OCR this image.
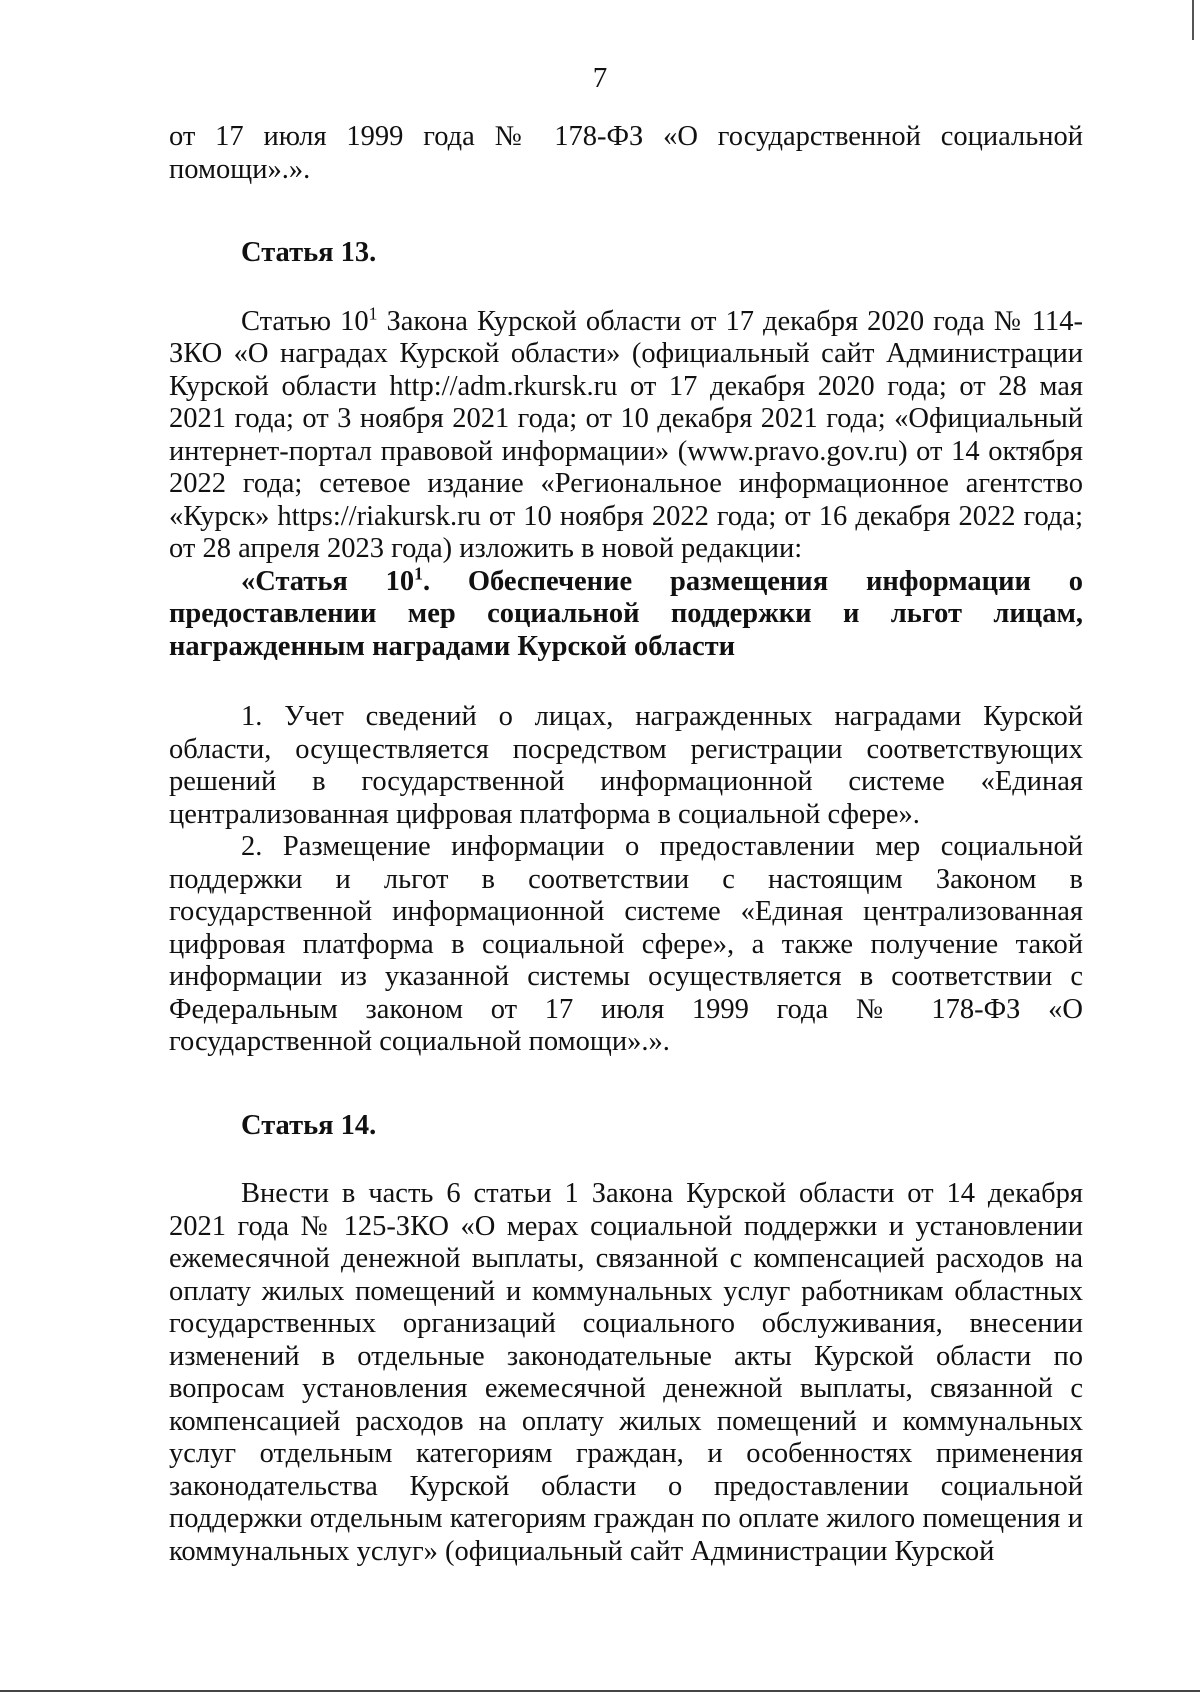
7

от 17 июля 1999 года № 178-ФЗ «О государственной социальной помощи».».

Статья 13.

Статью $10^1$ Закона Курской области от 17 декабря 2020 года № 114-ЗКО «О наградах Курской области» (официальный сайт Администрации Курской области http://adm.rkursk.ru от 17 декабря 2020 года; от 28 мая 2021 года; от 3 ноября 2021 года; от 10 декабря 2021 года; «Официальный интернет-портал правовой информации» (www.pravo.gov.ru) от 14 октября 2022 года; сетевое издание «Региональное информационное агентство «Курск» https://riakursk.ru от 10 ноября 2022 года; от 16 декабря 2022 года; от 28 апреля 2023 года) изложить в новой редакции:

«Статья $10^1$. Обеспечение размещения информации о предоставлении мер социальной поддержки и льгот лицам, награжденным наградами Курской области

1. Учет сведений о лицах, награжденных наградами Курской области, осуществляется посредством регистрации соответствующих решений в государственной информационной системе «Единая централизованная цифровая платформа в социальной сфере».

2. Размещение информации о предоставлении мер социальной поддержки и льгот в соответствии с настоящим Законом в государственной информационной системе «Единая централизованная цифровая платформа в социальной сфере», а также получение такой информации из указанной системы осуществляется в соответствии с Федеральным законом от 17 июля 1999 года № 178-ФЗ «О государственной социальной помощи».».

Статья 14.

Внести в часть 6 статьи 1 Закона Курской области от 14 декабря 2021 года № 125-ЗКО «О мерах социальной поддержки и установлении ежемесячной денежной выплаты, связанной с компенсацией расходов на оплату жилых помещений и коммунальных услуг работникам областных государственных организаций социального обслуживания, внесении изменений в отдельные законодательные акты Курской области по вопросам установления ежемесячной денежной выплаты, связанной с компенсацией расходов на оплату жилых помещений и коммунальных услуг отдельным категориям граждан, и особенностях применения законодательства Курской области о предоставлении социальной поддержки отдельным категориям граждан по оплате жилого помещения и коммунальных услуг» (официальный сайт Администрации Курской
